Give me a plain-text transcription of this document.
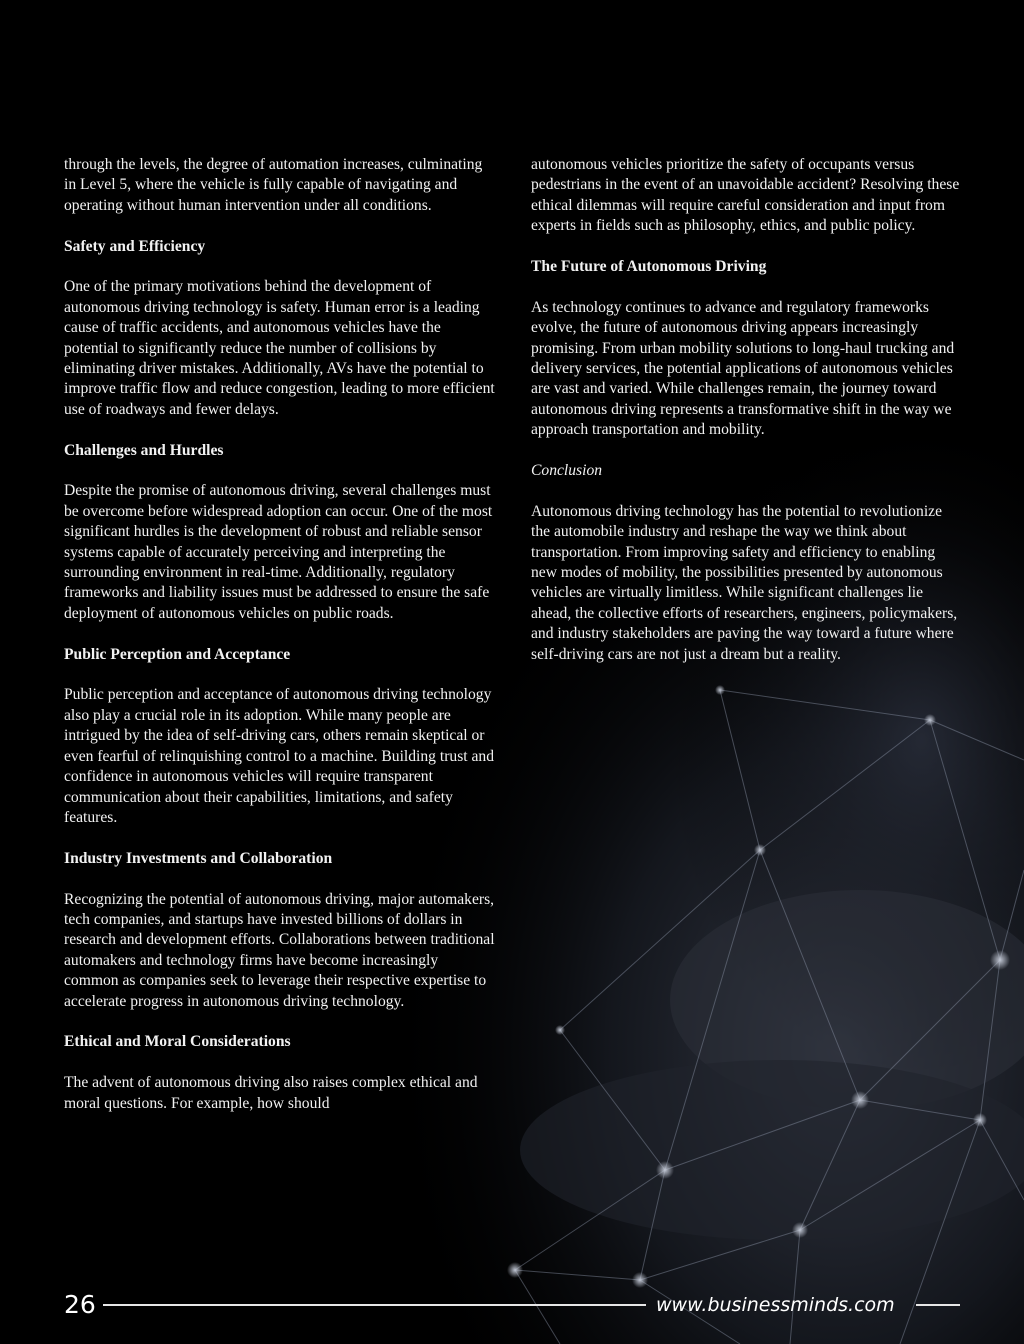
through the levels, the degree of automation increases, culminating in Level 5, where the vehicle is fully capable of navigating and operating without human intervention under all conditions.

Safety and Efficiency

One of the primary motivations behind the development of autonomous driving technology is safety. Human error is a leading cause of traffic accidents, and autonomous vehicles have the potential to significantly reduce the number of collisions by eliminating driver mistakes. Additionally, AVs have the potential to improve traffic flow and reduce congestion, leading to more efficient use of roadways and fewer delays.

Challenges and Hurdles

Despite the promise of autonomous driving, several challenges must be overcome before widespread adoption can occur. One of the most significant hurdles is the development of robust and reliable sensor systems capable of accurately perceiving and interpreting the surrounding environment in real-time. Additionally, regulatory frameworks and liability issues must be addressed to ensure the safe deployment of autonomous vehicles on public roads.

Public Perception and Acceptance

Public perception and acceptance of autonomous driving technology also play a crucial role in its adoption. While many people are intrigued by the idea of self-driving cars, others remain skeptical or even fearful of relinquishing control to a machine. Building trust and confidence in autonomous vehicles will require transparent communication about their capabilities, limitations, and safety features.

Industry Investments and Collaboration

Recognizing the potential of autonomous driving, major automakers, tech companies, and startups have invested billions of dollars in research and development efforts. Collaborations between traditional automakers and technology firms have become increasingly common as companies seek to leverage their respective expertise to accelerate progress in autonomous driving technology.

Ethical and Moral Considerations

The advent of autonomous driving also raises complex ethical and moral questions. For example, how should

autonomous vehicles prioritize the safety of occupants versus pedestrians in the event of an unavoidable accident? Resolving these ethical dilemmas will require careful consideration and input from experts in fields such as philosophy, ethics, and public policy.

The Future of Autonomous Driving

As technology continues to advance and regulatory frameworks evolve, the future of autonomous driving appears increasingly promising. From urban mobility solutions to long-haul trucking and delivery services, the potential applications of autonomous vehicles are vast and varied. While challenges remain, the journey toward autonomous driving represents a transformative shift in the way we approach transportation and mobility.

Conclusion

Autonomous driving technology has the potential to revolutionize the automobile industry and reshape the way we think about transportation. From improving safety and efficiency to enabling new modes of mobility, the possibilities presented by autonomous vehicles are virtually limitless. While significant challenges lie ahead, the collective efforts of researchers, engineers, policymakers, and industry stakeholders are paving the way toward a future where self-driving cars are not just a dream but a reality.

26	www.businessminds.com
